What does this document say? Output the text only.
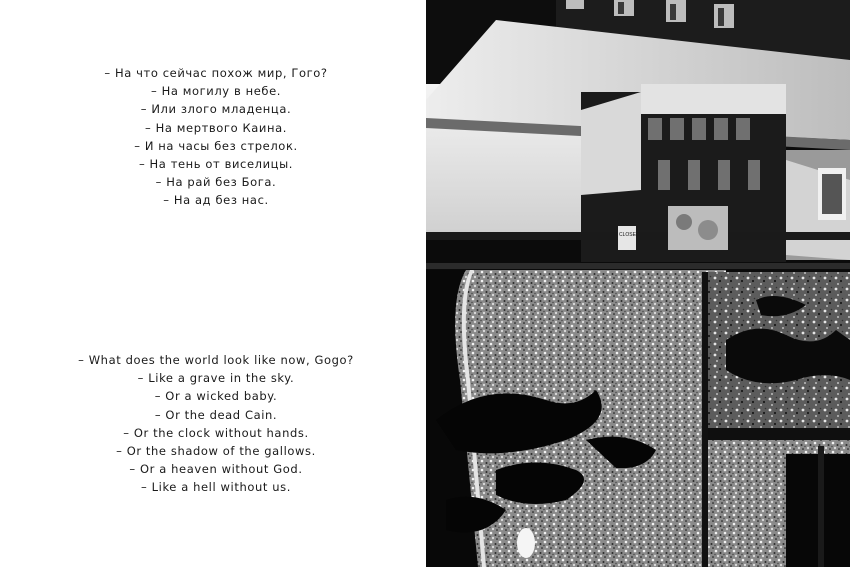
– На что сейчас похож мир, Гого?
– На могилу в небе.
– Или злого младенца.
– На мертвого Каина.
– И на часы без стрелок.
– На тень от виселицы.
– На рай без Бога.
– На ад без нас.
– What does the world look like now, Gogo?
– Like a grave in the sky.
– Or a wicked baby.
– Or the dead Cain.
– Or the clock without hands.
– Or the shadow of the gallows.
– Or a heaven without God.
– Like a hell without us.
CLOSE
